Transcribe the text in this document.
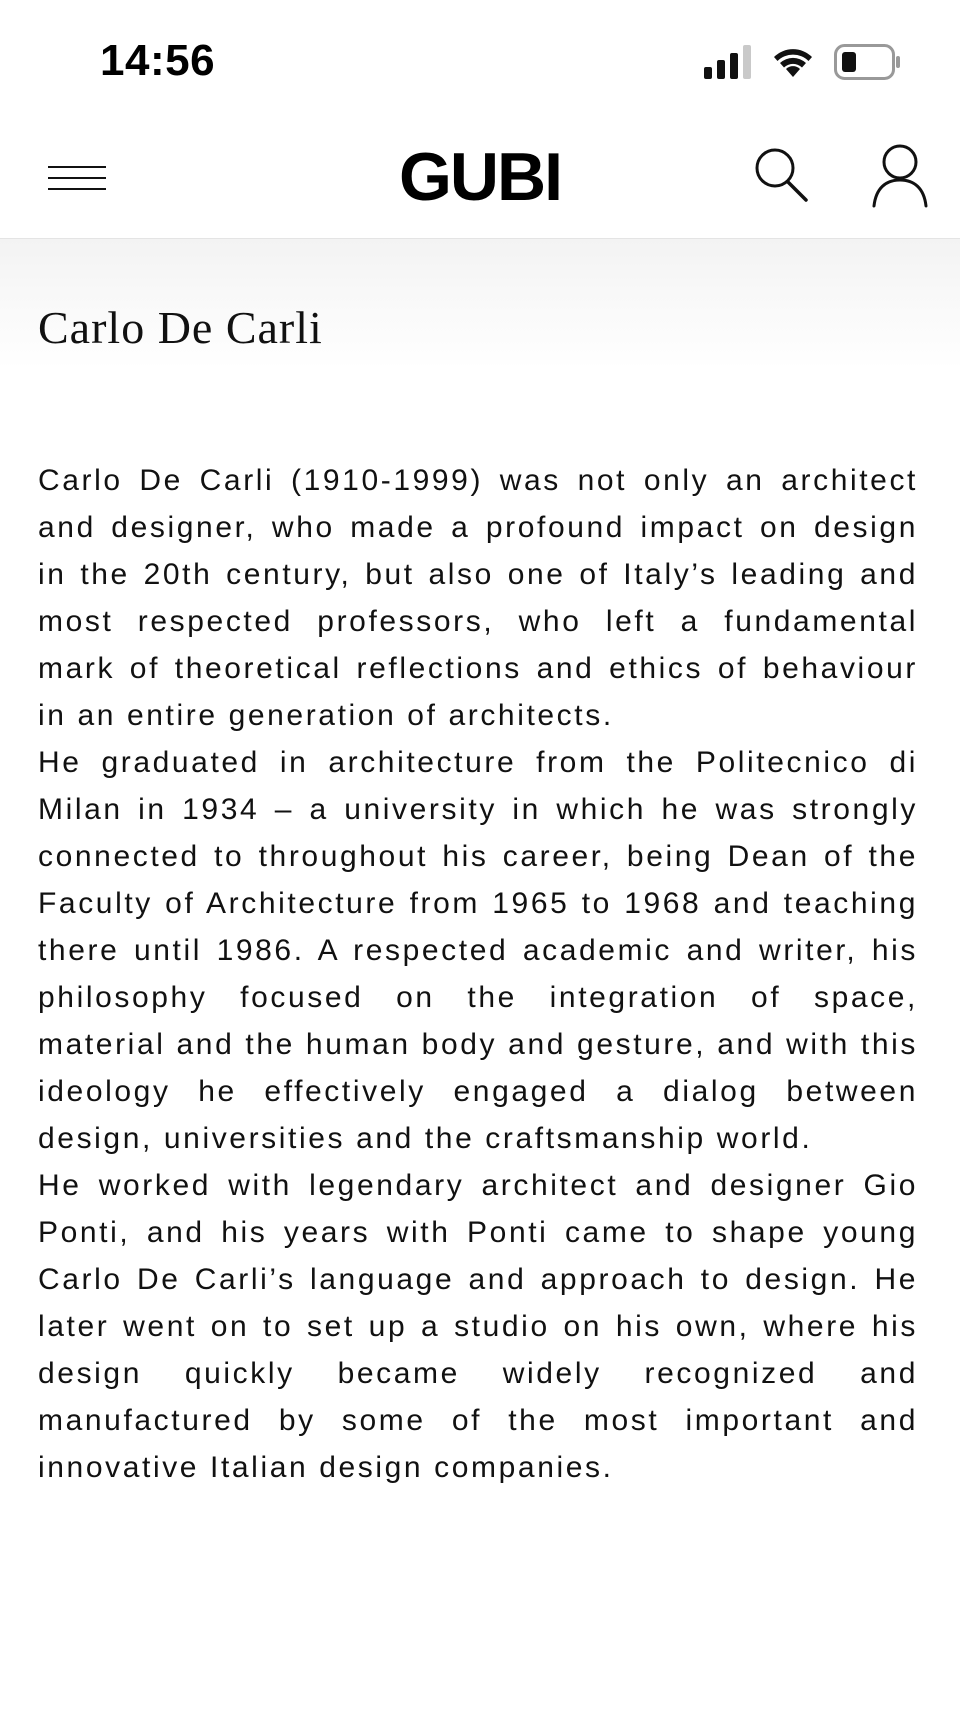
14:56
GUBI
Carlo De Carli

Carlo De Carli (1910-1999) was not only an architect and designer, who made a profound impact on design in the 20th century, but also one of Italy’s leading and most respected professors, who left a fundamental mark of theoretical reflections and ethics of behaviour in an entire generation of architects.

He graduated in architecture from the Politecnico di Milan in 1934 – a university in which he was strongly connected to throughout his career, being Dean of the Faculty of Architecture from 1965 to 1968 and teaching there until 1986. A respected academic and writer, his philosophy focused on the integration of space, material and the human body and gesture, and with this ideology he effectively engaged a dialog between design, universities and the craftsmanship world.

He worked with legendary architect and designer Gio Ponti, and his years with Ponti came to shape young Carlo De Carli’s language and approach to design. He later went on to set up a studio on his own, where his design quickly became widely recognized and manufactured by some of the most important and innovative Italian design companies.
